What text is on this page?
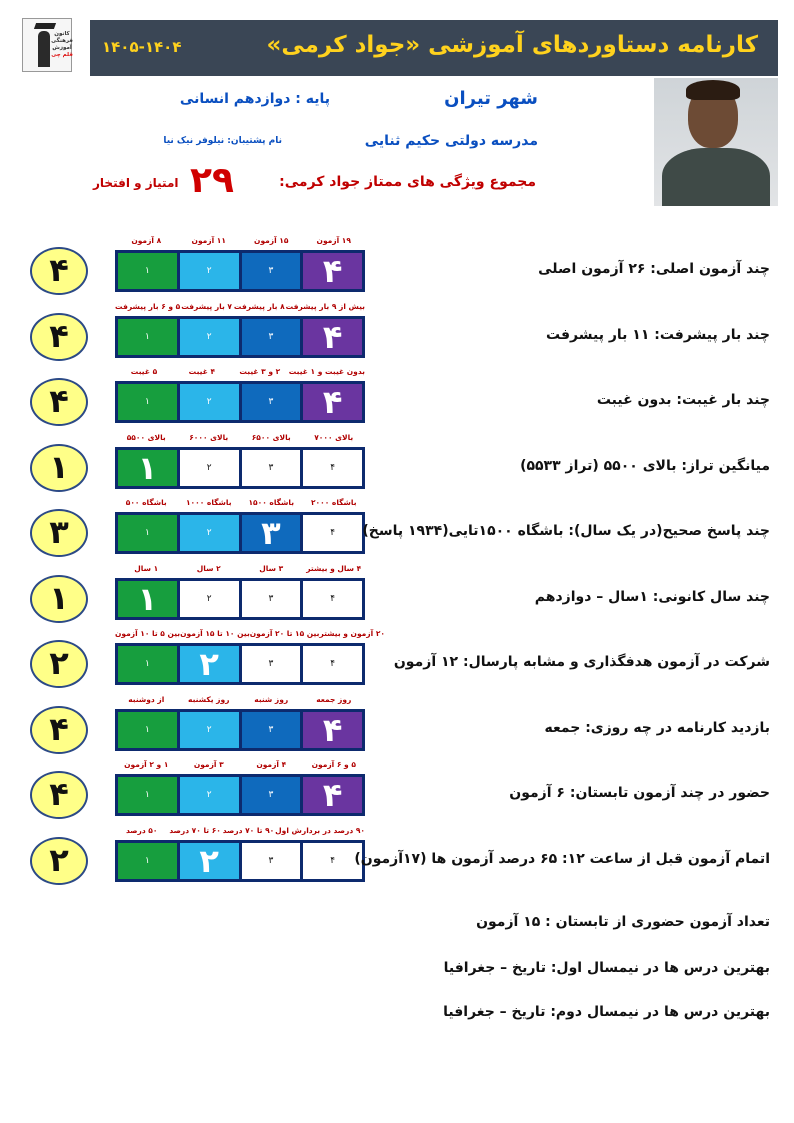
کانون
فرهنگی
آموزش
قلم چی	کارنامه دستاوردهای آموزشی «جواد کرمی»
۱۴۰۵-۱۴۰۴
شهر تیران
مدرسه دولتی حکیم ثنایی
مجموع ویژگی های ممتاز جواد کرمی:
پایه : دوازدهم انسانی
نام پشتیبان: نیلوفر نیک نیا
۲۹
امتیاز و افتخار
۸ آزمون	۱۱ آزمون	۱۵ آزمون	۱۹ آزمون
۱	۲	۳	۴
۴	چند آزمون اصلی: ۲۶ آزمون اصلی
۵ و ۶ بار پیشرفت ۷ بار پیشرفت ۸ بار پیشرفت بیش از ۹ بار پیشرفت
۱	۲	۳	۴
۴	چند بار پیشرفت: ۱۱ بار پیشرفت
۵ غیبت	۴ غیبت	۲ و ۳ غیبت	بدون غیبت و ۱ غیبت
۱	۲	۳	۴
۴	چند بار غیبت: بدون غیبت
بالای ۵۵۰۰	بالای ۶۰۰۰	بالای ۶۵۰۰	بالای ۷۰۰۰
۱	۲	۳	۴
۱	میانگین تراز: بالای ۵۵۰۰ (تراز ۵۵۳۳)
باشگاه ۵۰۰	باشگاه ۱۰۰۰	باشگاه ۱۵۰۰	باشگاه ۲۰۰۰
۱	۲	۳	۴
۳	چند پاسخ صحیح(در یک سال): باشگاه ۱۵۰۰تایی(۱۹۳۴ پاسخ)
۱ سال	۲ سال	۳ سال	۴ سال و بیشتر
۱	۲	۳	۴
۱	چند سال کانونی: ۱سال – دوازدهم
بین ۵ تا ۱۰ آزمون بین ۱۰ تا ۱۵ آزمون بین ۱۵ تا ۲۰ آزمون ۲۰ آزمون و بیشتر
۱	۲	۳	۴
۲	شرکت در آزمون هدفگذاری و مشابه پارسال: ۱۲ آزمون
از دوشنبه	روز یکشنبه	روز شنبه	روز جمعه
۱	۲	۳	۴
۴	بازدید کارنامه در چه روزی: جمعه
۱ و ۲ آزمون	۳ آزمون	۴ آزمون	۵ و ۶ آزمون
۱	۲	۳	۴
۴	حضور در چند آزمون تابستان: ۶ آزمون
۵۰ درصد	۶۰ تا ۷۰ درصد ۹۰ تا ۷۰ درصد ۹۰ درصد در بردارش اول
۱	۲	۳	۴
۲	اتمام آزمون قبل از ساعت ۱۲: ۶۵ درصد آزمون ها (۱۷آزمون)
تعداد آزمون حضوری از تابستان : ۱۵ آزمون
بهترین درس ها در نیمسال اول: تاریخ – جغرافیا
بهترین درس ها در نیمسال دوم: تاریخ – جغرافیا
